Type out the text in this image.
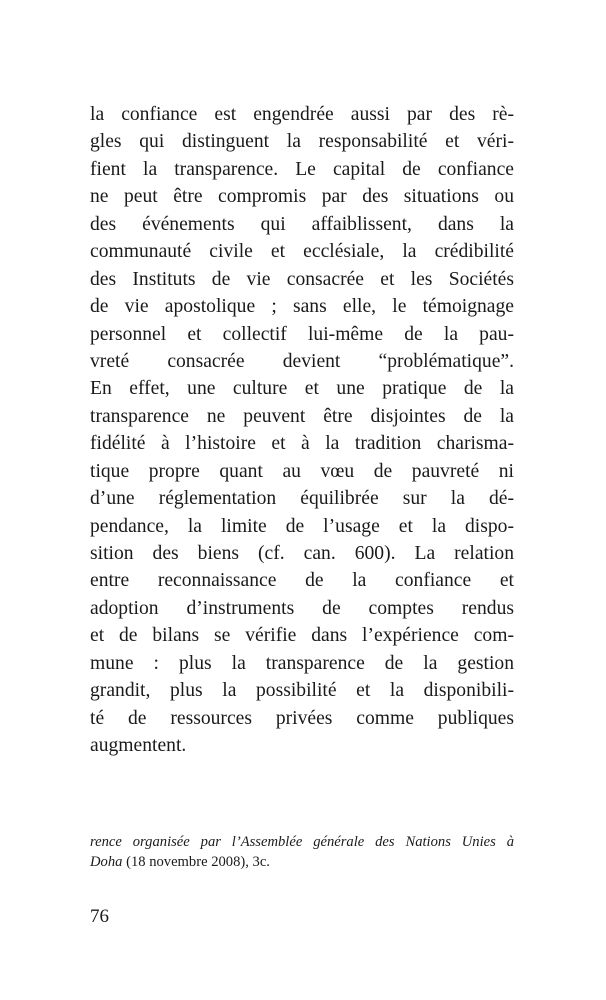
la confiance est engendrée aussi par des rè-
gles qui distinguent la responsabilité et véri-
fient la transparence. Le capital de confiance
ne peut être compromis par des situations ou
des événements qui affaiblissent, dans la
communauté civile et ecclésiale, la crédibilité
des Instituts de vie consacrée et les Sociétés
de vie apostolique ; sans elle, le témoignage
personnel et collectif lui-même de la pau-
vreté consacrée devient “problématique”.
En effet, une culture et une pratique de la
transparence ne peuvent être disjointes de la
fidélité à l’histoire et à la tradition charisma-
tique propre quant au vœu de pauvreté ni
d’une réglementation équilibrée sur la dé-
pendance, la limite de l’usage et la dispo-
sition des biens (cf. can. 600). La relation
entre reconnaissance de la confiance et
adoption d’instruments de comptes rendus
et de bilans se vérifie dans l’expérience com-
mune : plus la transparence de la gestion
grandit, plus la possibilité et la disponibili-
té de ressources privées comme publiques
augmentent.
rence organisée par l’Assemblée générale des Nations Unies à
Doha (18 novembre 2008), 3c.
76
